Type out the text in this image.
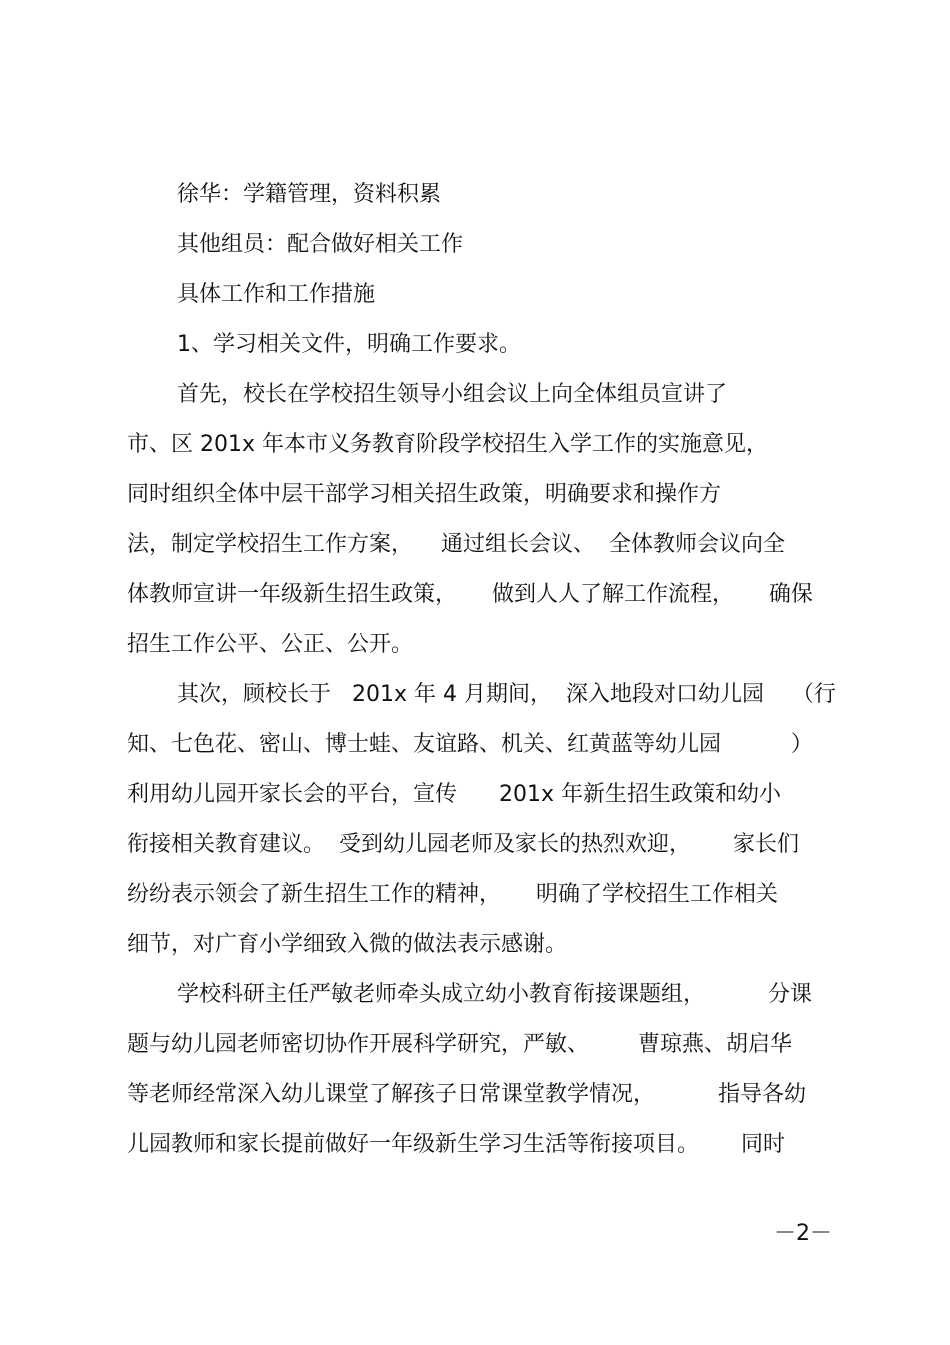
徐华：学籍管理，资料积累

其他组员：配合做好相关工作

具体工作和工作措施

1、学习相关文件，明确工作要求。

首先，校长在学校招生领导小组会议上向全体组员宣讲了

市、区 201x 年本市义务教育阶段学校招生入学工作的实施意见，

同时组织全体中层干部学习相关招生政策，明确要求和操作方

法，制定学校招生工作方案，    通过组长会议、  全体教师会议向全

体教师宣讲一年级新生招生政策，     做到人人了解工作流程，     确保

招生工作公平、公正、公开。

其次，顾校长于   201x 年 4 月期间，  深入地段对口幼儿园    （行

知、七色花、密山、博士蛙、友谊路、机关、红黄蓝等幼儿园          ）

利用幼儿园开家长会的平台，宣传      201x 年新生招生政策和幼小

衔接相关教育建议。  受到幼儿园老师及家长的热烈欢迎，      家长们

纷纷表示领会了新生招生工作的精神，     明确了学校招生工作相关

细节，对广育小学细致入微的做法表示感谢。

学校科研主任严敏老师牵头成立幼小教育衔接课题组，         分课

题与幼儿园老师密切协作开展科学研究，严敏、       曹琼燕、胡启华

等老师经常深入幼儿课堂了解孩子日常课堂教学情况，         指导各幼

儿园教师和家长提前做好一年级新生学习生活等衔接项目。      同时

－2－
